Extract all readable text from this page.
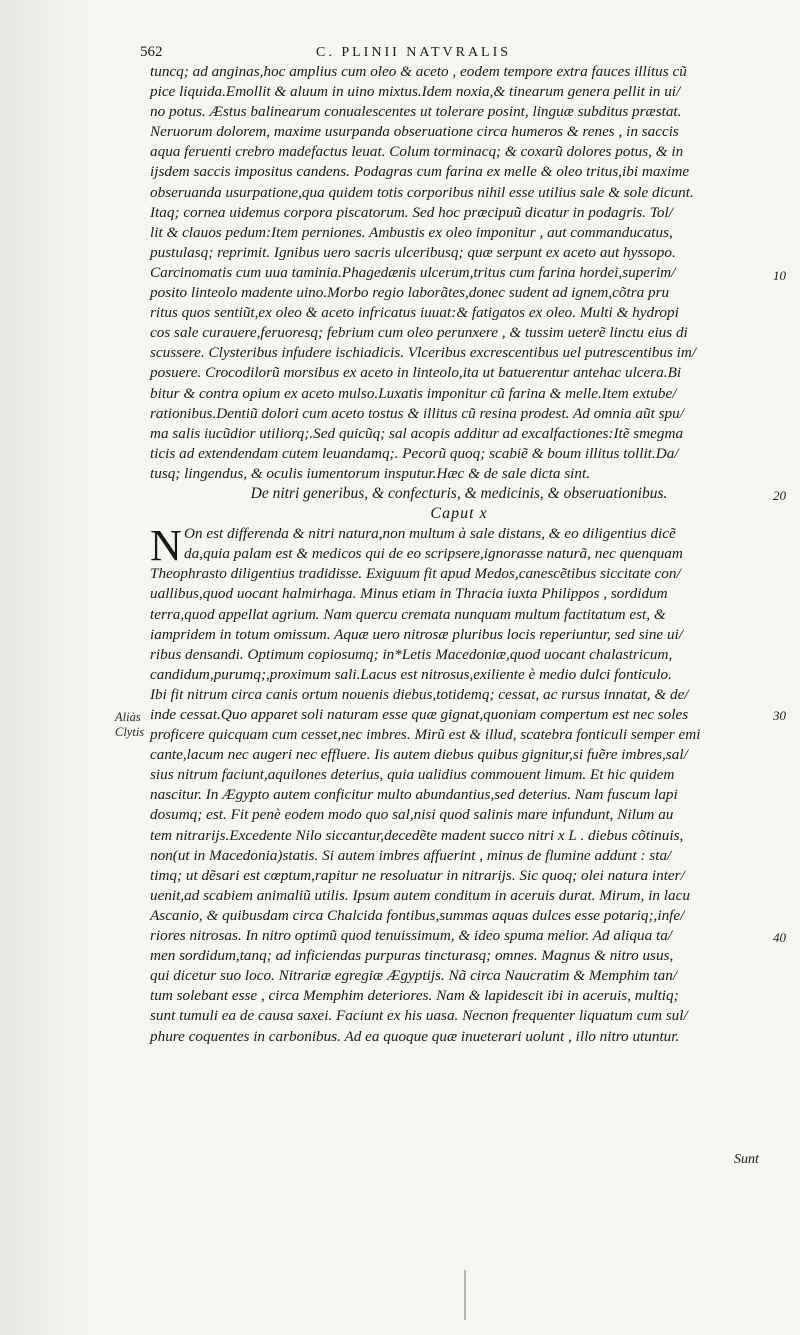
562	C. PLINII NATVRALIS
tuncq; ad anginas,hoc amplius cum oleo & aceto , eodem tempore extra fauces illitus cũ
pice liquida.Emollit & aluum in uino mixtus.Idem noxia,& tinearum genera pellit in ui/
no potus. Æstus balinearum conualescentes ut tolerare posint, linguæ subditus præstat.
Neruorum dolorem, maxime usurpanda obseruatione circa humeros & renes , in saccis
aqua feruenti crebro madefactus leuat. Colum torminacq; & coxarũ dolores potus, & in
ijsdem saccis impositus candens. Podagras cum farina ex melle & oleo tritus,ibi maxime
obseruanda usurpatione,qua quidem totis corporibus nihil esse utilius sale & sole dicunt.
Itaq; cornea uidemus corpora piscatorum. Sed hoc præcipuũ dicatur in podagris. Tol/
lit & clauos pedum:Item perniones. Ambustis ex oleo imponitur , aut commanducatus,
pustulasq; reprimit. Ignibus uero sacris ulceribusq; quæ serpunt ex aceto aut hyssopo.
Carcinomatis cum uua taminia.Phagedænis ulcerum,tritus cum farina hordei,superim/
posito linteolo madente uino.Morbo regio laborãtes,donec sudent ad ignem,cõtra pru
ritus quos sentiũt,ex oleo & aceto infricatus iuuat:& fatigatos ex oleo. Multi & hydropi
cos sale curauere,feruoresq; febrium cum oleo perunxere , & tussim ueterẽ linctu eius di
scussere. Clysteribus infudere ischiadicis. Vlceribus excrescentibus uel putrescentibus im/
posuere. Crocodilorũ morsibus ex aceto in linteolo,ita ut batuerentur antehac ulcera.Bi
bitur & contra opium ex aceto mulso.Luxatis imponitur cũ farina & melle.Item extube/
rationibus.Dentiũ dolori cum aceto tostus & illitus cũ resina prodest. Ad omnia aũt spu/
ma salis iucũdior utiliorq;.Sed quicũq; sal acopis additur ad excalfactiones:Itẽ smegma
ticis ad extendendam cutem leuandamq;. Pecorũ quoq; scabiẽ & boum illitus tollit.Da/
tusq; lingendus, & oculis iumentorum insputur.Hæc & de sale dicta sint.
De nitri generibus, & confecturis, & medicinis, & obseruationibus.
Caput x
N On est differenda & nitri natura,non multum à sale distans, & eo diligentius dicẽ
da,quia palam est & medicos qui de eo scripsere,ignorasse naturã, nec quenquam
Theophrasto diligentius tradidisse. Exiguum fit apud Medos,canescẽtibus siccitate con/
uallibus,quod uocant halmirhaga. Minus etiam in Thracia iuxta Philippos , sordidum
terra,quod appellat agrium. Nam quercu cremata nunquam multum factitatum est, &
iampridem in totum omissum. Aquæ uero nitrosæ pluribus locis reperiuntur, sed sine ui/
ribus densandi. Optimum copiosumq; in*Letis Macedoniæ,quod uocant chalastricum,
candidum,purumq;,proximum sali.Lacus est nitrosus,exiliente è medio dulci fonticulo.
Ibi fit nitrum circa canis ortum nouenis diebus,totidemq; cessat, ac rursus innatat, & de/
inde cessat.Quo apparet soli naturam esse quæ gignat,quoniam compertum est nec soles
proficere quicquam cum cesset,nec imbres. Mirũ est & illud, scatebra fonticuli semper emi
cante,lacum nec augeri nec effluere. Iis autem diebus quibus gignitur,si fuẽre imbres,sal/
sius nitrum faciunt,aquilones deterius, quia ualidius commouent limum. Et hic quidem
nascitur. In Ægypto autem conficitur multo abundantius,sed deterius. Nam fuscum lapi
dosumq; est. Fit penè eodem modo quo sal,nisi quod salinis mare infundunt, Nilum au
tem nitrarijs.Excedente Nilo siccantur,decedẽte madent succo nitri x L . diebus cõtinuis,
non(ut in Macedonia)statis. Si autem imbres affuerint , minus de flumine addunt : sta/
timq; ut dẽsari est cœptum,rapitur ne resoluatur in nitrarijs. Sic quoq; olei natura inter/
uenit,ad scabiem animaliũ utilis. Ipsum autem conditum in aceruis durat. Mirum, in lacu
Ascanio, & quibusdam circa Chalcida fontibus,summas aquas dulces esse potariq;,infe/
riores nitrosas. In nitro optimũ quod tenuissimum, & ideo spuma melior. Ad aliqua ta/
men sordidum,tanq; ad inficiendas purpuras tincturasq; omnes. Magnus & nitro usus,
qui dicetur suo loco. Nitrariæ egregiæ Ægyptijs. Nã circa Naucratim & Memphim tan/
tum solebant esse , circa Memphim deteriores. Nam & lapidescit ibi in aceruis, multiq;
sunt tumuli ea de causa saxei. Faciunt ex his uasa. Necnon frequenter liquatum cum sul/
phure coquentes in carbonibus. Ad ea quoque quæ inueterari uolunt , illo nitro utuntur.
10
20
30
40
Aliàs
Clytis
Sunt
